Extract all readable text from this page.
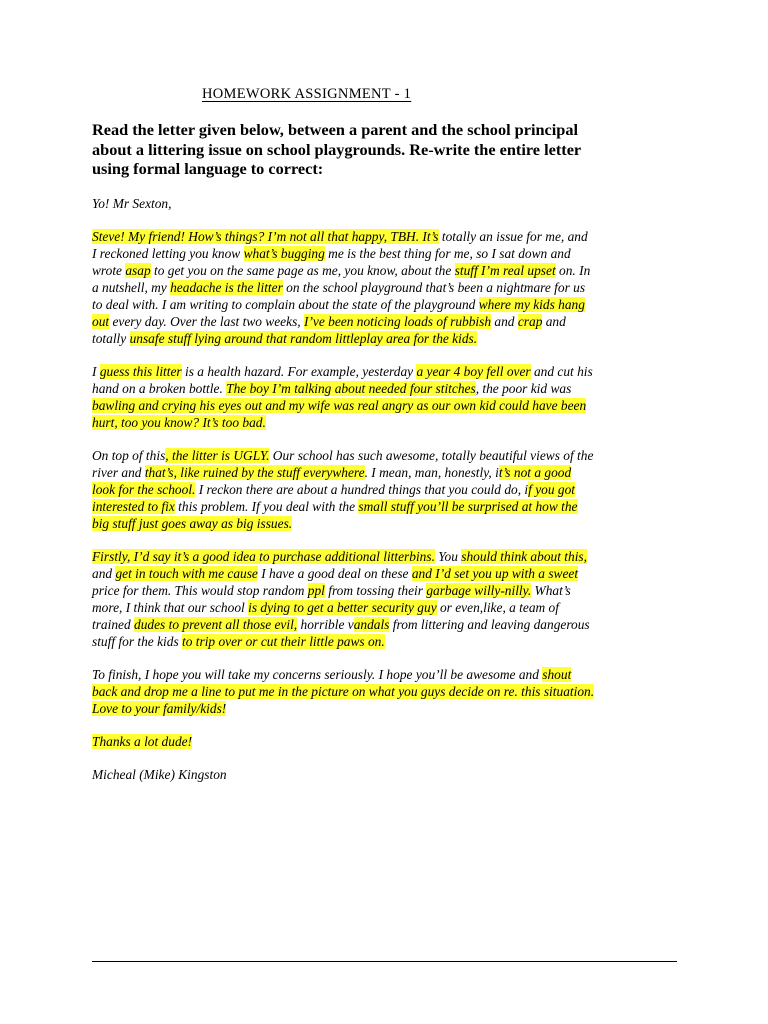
HOMEWORK ASSIGNMENT - 1

Read the letter given below, between a parent and the school principal
about a littering issue on school playgrounds. Re-write the entire letter
using formal language to correct:

Yo! Mr Sexton,

Steve! My friend! How’s things? I’m not all that happy, TBH. It’s totally an issue for me, and
I reckoned letting you know what’s bugging me is the best thing for me, so I sat down and
wrote asap to get you on the same page as me, you know, about the stuff I’m real upset on. In
a nutshell, my headache is the litter on the school playground that’s been a nightmare for us
to deal with. I am writing to complain about the state of the playground where my kids hang
out every day. Over the last two weeks, I’ve been noticing loads of rubbish and crap and
totally unsafe stuff lying around that random littleplay area for the kids.

I guess this litter is a health hazard. For example, yesterday a year 4 boy fell over and cut his
hand on a broken bottle. The boy I’m talking about needed four stitches, the poor kid was
bawling and crying his eyes out and my wife was real angry as our own kid could have been
hurt, too you know? It’s too bad.

On top of this, the litter is UGLY. Our school has such awesome, totally beautiful views of the
river and that’s, like ruined by the stuff everywhere. I mean, man, honestly, it’s not a good
look for the school. I reckon there are about a hundred things that you could do, if you got
interested to fix this problem. If you deal with the small stuff you’ll be surprised at how the
big stuff just goes away as big issues.

Firstly, I’d say it’s a good idea to purchase additional litterbins. You should think about this,
and get in touch with me cause I have a good deal on these and I’d set you up with a sweet
price for them. This would stop random ppl from tossing their garbage willy-nilly. What’s
more, I think that our school is dying to get a better security guy or even,like, a team of
trained dudes to prevent all those evil, horrible vandals from littering and leaving dangerous
stuff for the kids to trip over or cut their little paws on.

To finish, I hope you will take my concerns seriously. I hope you’ll be awesome and shout
back and drop me a line to put me in the picture on what you guys decide on re. this situation.
Love to your family/kids!

Thanks a lot dude!

Micheal (Mike) Kingston
